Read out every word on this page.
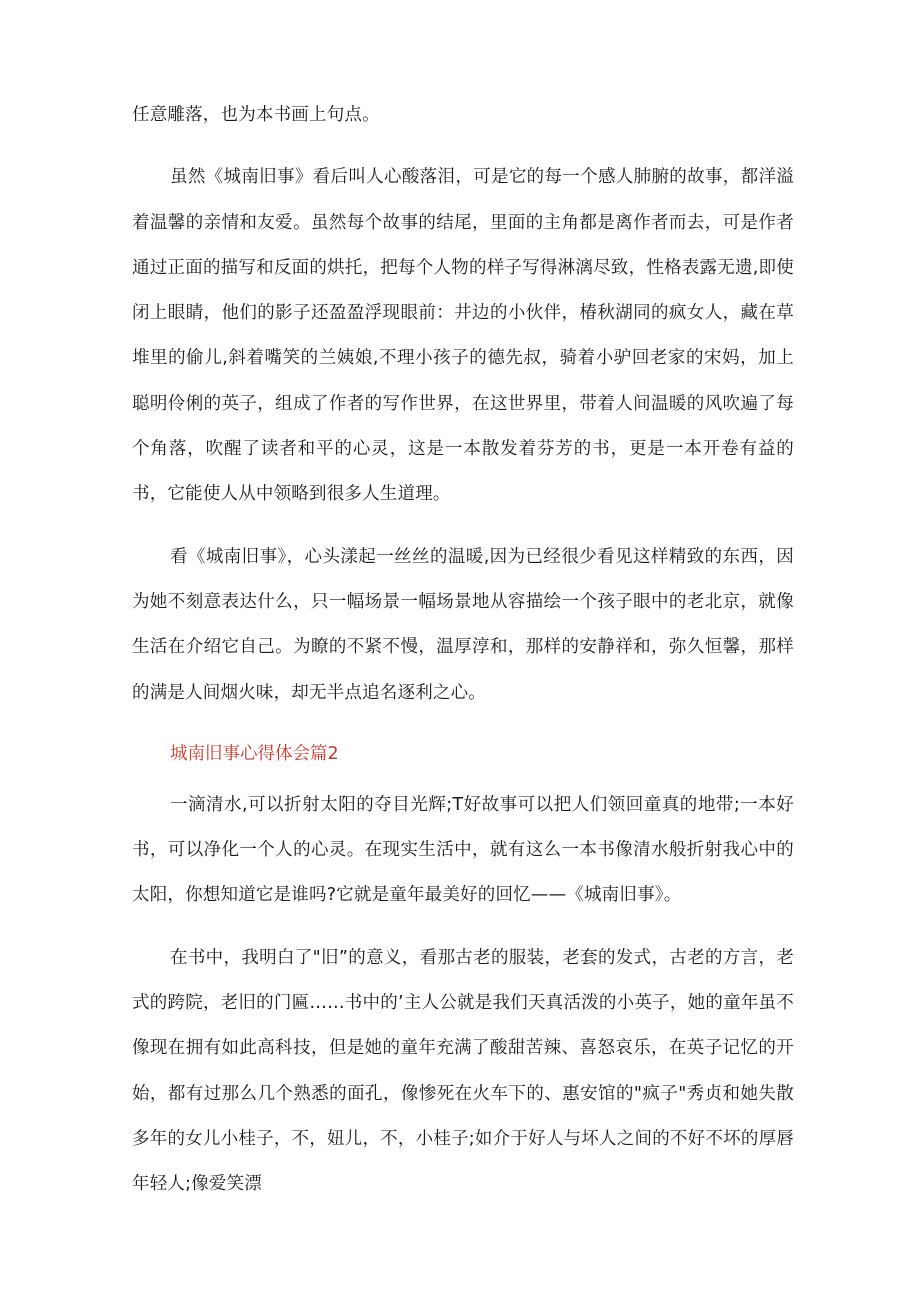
任意雕落，也为本书画上句点。

虽然《城南旧事》看后叫人心酸落泪，可是它的每一个感人肺腑的故事，都洋溢着温馨的亲情和友爱。虽然每个故事的结尾，里面的主角都是离作者而去，可是作者通过正面的描写和反面的烘托，把每个人物的样子写得淋漓尽致，性格表露无遗,即使闭上眼睛，他们的影子还盈盈浮现眼前：井边的小伙伴，椿秋湖同的疯女人，藏在草堆里的偷儿,斜着嘴笑的兰姨娘,不理小孩子的德先叔，骑着小驴回老家的宋妈，加上聪明伶俐的英子，组成了作者的写作世界，在这世界里，带着人间温暖的风吹遍了每个角落，吹醒了读者和平的心灵，这是一本散发着芬芳的书，更是一本开卷有益的书，它能使人从中领略到很多人生道理。

看《城南旧事》，心头漾起一丝丝的温暖,因为已经很少看见这样精致的东西，因为她不刻意表达什么，只一幅场景一幅场景地从容描绘一个孩子眼中的老北京，就像生活在介绍它自己。为瞭的不紧不慢，温厚淳和，那样的安静祥和，弥久恒馨，那样的满是人间烟火味，却无半点追名逐利之心。

城南旧事心得体会篇2

一滴清水,可以折射太阳的夺目光辉;T好故事可以把人们领回童真的地带;一本好书，可以净化一个人的心灵。在现实生活中，就有这么一本书像清水般折射我心中的太阳，你想知道它是谁吗?它就是童年最美好的回忆——《城南旧事》。

在书中，我明白了"旧”的意义，看那古老的服装，老套的发式，古老的方言，老式的跨院，老旧的门匾……书中的’主人公就是我们天真活泼的小英子，她的童年虽不像现在拥有如此高科技，但是她的童年充满了酸甜苦辣、喜怒哀乐，在英子记忆的开始，都有过那么几个熟悉的面孔，像惨死在火车下的、惠安馆的"疯子"秀贞和她失散多年的女儿小桂子，不，妞儿，不，小桂子;如介于好人与坏人之间的不好不坏的厚唇年轻人;像爱笑漂
